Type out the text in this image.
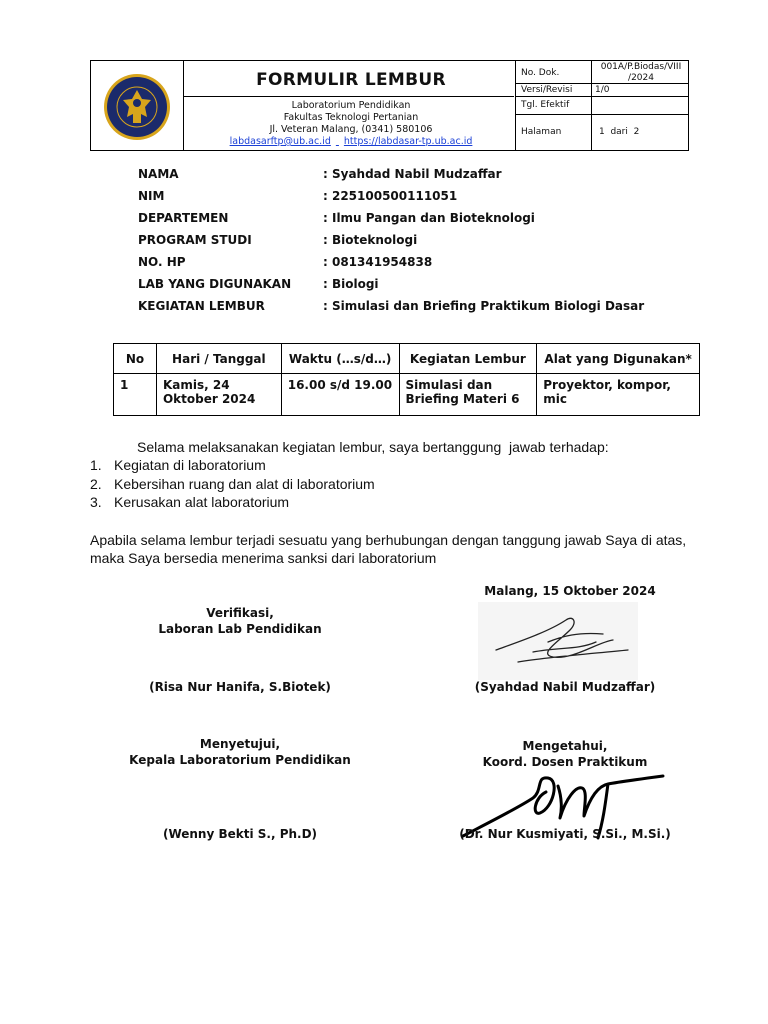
FORMULIR LEMBUR
Laboratorium Pendidikan
Fakultas Teknologi Pertanian
Jl. Veteran Malang, (0341) 580106
labdasarftp@ub.ac.id https://labdasar-tp.ub.ac.id
No. Dok.
001A/P.Biodas/VIII /2024
Versi/Revisi	1/0
Tgl. Efektif
Halaman	1  dari  2
NAMA	: Syahdad Nabil Mudzaffar
NIM	: 225100500111051
DEPARTEMEN	: Ilmu Pangan dan Bioteknologi
PROGRAM STUDI	: Bioteknologi
NO. HP	: 081341954838
LAB YANG DIGUNAKAN	: Biologi
KEGIATAN LEMBUR	: Simulasi dan Briefing Praktikum Biologi Dasar
No	Hari / Tanggal	Waktu (…s/d…)	Kegiatan Lembur	Alat yang Digunakan*
1	Kamis, 24 Oktober 2024	16.00 s/d 19.00	Simulasi dan Briefing Materi 6	Proyektor, kompor, mic
Selama melaksanakan kegiatan lembur, saya bertanggung  jawab terhadap:
1. Kegiatan di laboratorium
2. Kebersihan ruang dan alat di laboratorium
3. Kerusakan alat laboratorium
Apabila selama lembur terjadi sesuatu yang berhubungan dengan tanggung jawab Saya di atas, maka Saya bersedia menerima sanksi dari laboratorium
Malang, 15 Oktober 2024
Verifikasi,
Laboran Lab Pendidikan
(Risa Nur Hanifa, S.Biotek)	(Syahdad Nabil Mudzaffar)
Menyetujui,
Kepala Laboratorium Pendidikan
(Wenny Bekti S., Ph.D)
Mengetahui,
Koord. Dosen Praktikum
(Dr. Nur Kusmiyati, S.Si., M.Si.)
